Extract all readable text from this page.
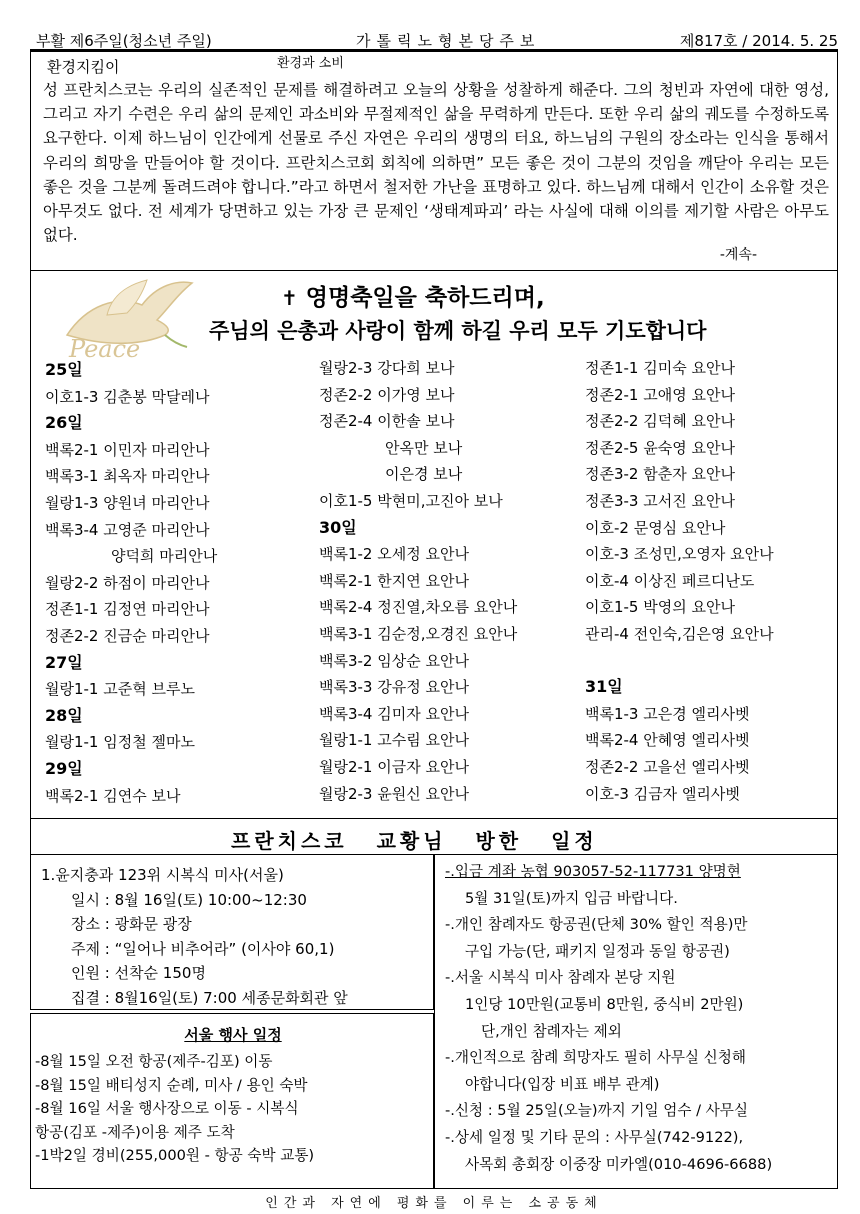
부활 제6주일(청소년 주일)	가톨릭노형본당주보	제817호 / 2014. 5. 25
환경지킴이	환경과 소비
성 프란치스코는 우리의 실존적인 문제를 해결하려고 오늘의 상황을 성찰하게 해준다. 그의 청빈과 자연에 대한 영성, 그리고 자기 수련은 우리 삶의 문제인 과소비와 무절제적인 삶을 무력하게 만든다. 또한 우리 삶의 궤도를 수정하도록 요구한다. 이제 하느님이 인간에게 선물로 주신 자연은 우리의 생명의 터요, 하느님의 구원의 장소라는 인식을 통해서 우리의 희망을 만들어야 할 것이다. 프란치스코회 회칙에 의하면” 모든 좋은 것이 그분의 것임을 깨닫아 우리는 모든 좋은 것을 그분께 돌려드려야 합니다.”라고 하면서 철저한 가난을 표명하고 있다. 하느님께 대해서 인간이 소유할 것은 아무것도 없다. 전 세계가 당면하고 있는 가장 큰 문제인 ‘생태계파괴’ 라는 사실에 대해 이의를 제기할 사람은 아무도 없다.
-계속-
Peace
✝ 영명축일을 축하드리며,
주님의 은총과 사랑이 함께 하길 우리 모두 기도합니다
25일
이호1-3 김춘봉 막달레나
26일
백록2-1 이민자 마리안나
백록3-1 최옥자 마리안나
월랑1-3 양원녀 마리안나
백록3-4 고영준 마리안나
양덕희 마리안나
월랑2-2 하점이 마리안나
정존1-1 김정연 마리안나
정존2-2 진금순 마리안나
27일
월랑1-1 고준혁 브루노
28일
월랑1-1 임정철 젤마노
29일
백록2-1 김연수 보나
월랑2-3 강다희 보나
정존2-2 이가영 보나
정존2-4 이한솔 보나
안옥만 보나
이은경 보나
이호1-5 박현미,고진아 보나
30일
백록1-2 오세정 요안나
백록2-1 한지연 요안나
백록2-4 정진열,차오름 요안나
백록3-1 김순정,오경진 요안나
백록3-2 임상순 요안나
백록3-3 강유정 요안나
백록3-4 김미자 요안나
월랑1-1 고수림 요안나
월랑2-1 이금자 요안나
월랑2-3 윤원신 요안나
정존1-1 김미숙 요안나
정존2-1 고애영 요안나
정존2-2 김덕혜 요안나
정존2-5 윤숙영 요안나
정존3-2 함춘자 요안나
정존3-3 고서진 요안나
이호-2 문영심 요안나
이호-3 조성민,오영자 요안나
이호-4 이상진 페르디난도
이호1-5 박영의 요안나
관리-4 전인숙,김은영 요안나
31일
백록1-3 고은경 엘리사벳
백록2-4 안혜영 엘리사벳
정존2-2 고을선 엘리사벳
이호-3 김금자 엘리사벳
프란치스코 교황님 방한 일정
1.윤지충과 123위 시복식 미사(서울)
일시 : 8월 16일(토) 10:00~12:30
장소 : 광화문 광장
주제 : “일어나 비추어라” (이사야 60,1)
인원 : 선착순 150명
집결 : 8월16일(토) 7:00 세종문화회관 앞
서울 행사 일정
-8월 15일 오전 항공(제주-김포) 이동
-8월 15일 배티성지 순례, 미사 / 용인 숙박
-8월 16일 서울 행사장으로 이동 - 시복식
항공(김포 -제주)이용 제주 도착
-1박2일 경비(255,000원 - 항공 숙박 교통)
-.입금 계좌 농협 903057-52-117731 양명현
5월 31일(토)까지 입금 바랍니다.
-.개인 참례자도 항공권(단체 30% 할인 적용)만
구입 가능(단, 패키지 일정과 동일 항공권)
-.서울 시복식 미사 참례자 본당 지원
1인당 10만원(교통비 8만원, 중식비 2만원)
단,개인 참례자는 제외
-.개인적으로 참례 희망자도 필히 사무실 신청해
야합니다(입장 비표 배부 관계)
-.신청 : 5월 25일(오늘)까지 기일 엄수 / 사무실
-.상세 일정 및 기타 문의 : 사무실(742-9122),
사목회 총회장 이중장 미카엘(010-4696-6688)
인간과 자연에 평화를 이루는 소공동체
